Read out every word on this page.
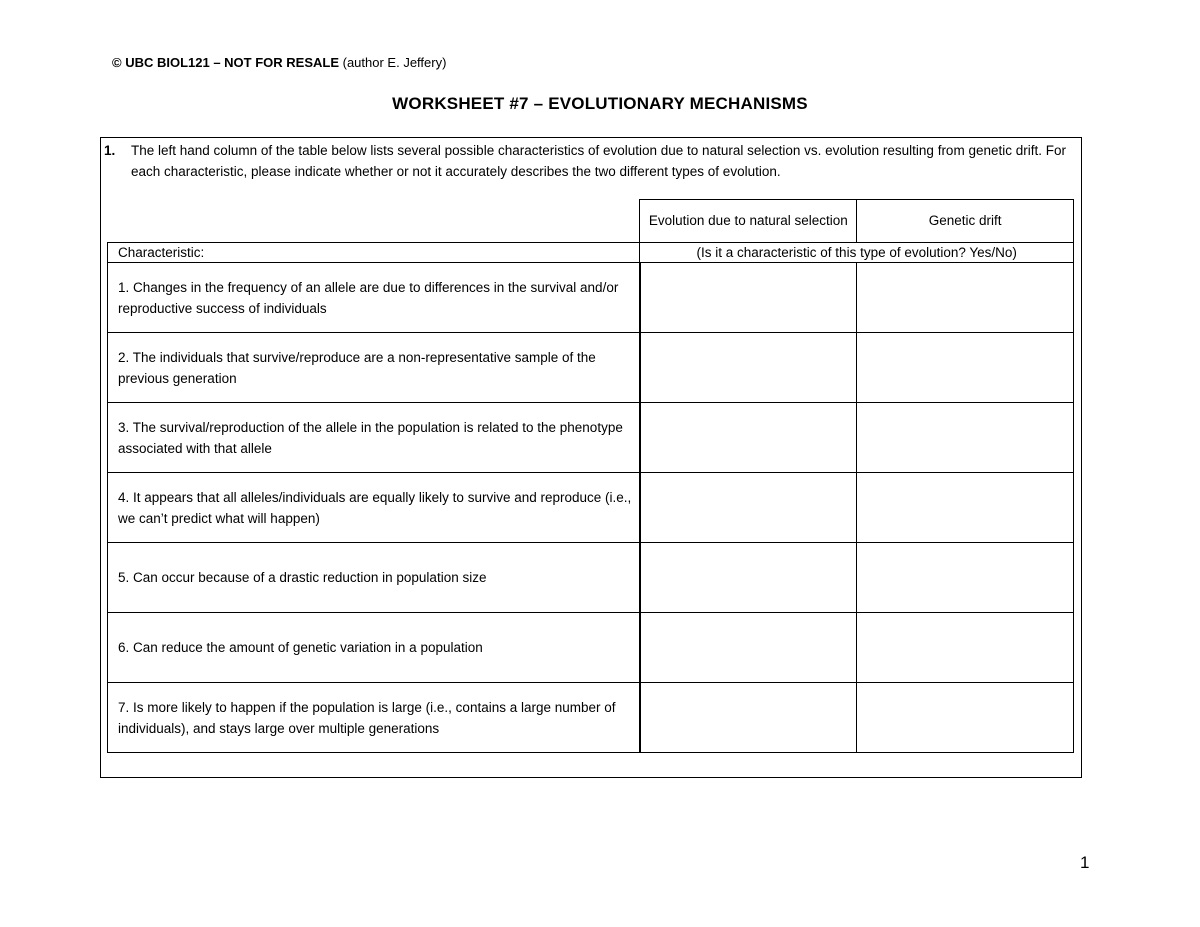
© UBC BIOL121 – NOT FOR RESALE (author E. Jeffery)
WORKSHEET #7 – EVOLUTIONARY MECHANISMS
1. The left hand column of the table below lists several possible characteristics of evolution due to natural selection vs. evolution resulting from genetic drift. For each characteristic, please indicate whether or not it accurately describes the two different types of evolution.
	Evolution due to natural selection	Genetic drift
Characteristic:	(Is it a characteristic of this type of evolution? Yes/No)	
1. Changes in the frequency of an allele are due to differences in the survival and/or reproductive success of individuals		
2. The individuals that survive/reproduce are a non-representative sample of the previous generation		
3. The survival/reproduction of the allele in the population is related to the phenotype associated with that allele		
4. It appears that all alleles/individuals are equally likely to survive and reproduce (i.e., we can’t predict what will happen)		
5. Can occur because of a drastic reduction in population size		
6. Can reduce the amount of genetic variation in a population		
7. Is more likely to happen if the population is large (i.e., contains a large number of individuals), and stays large over multiple generations		
1
